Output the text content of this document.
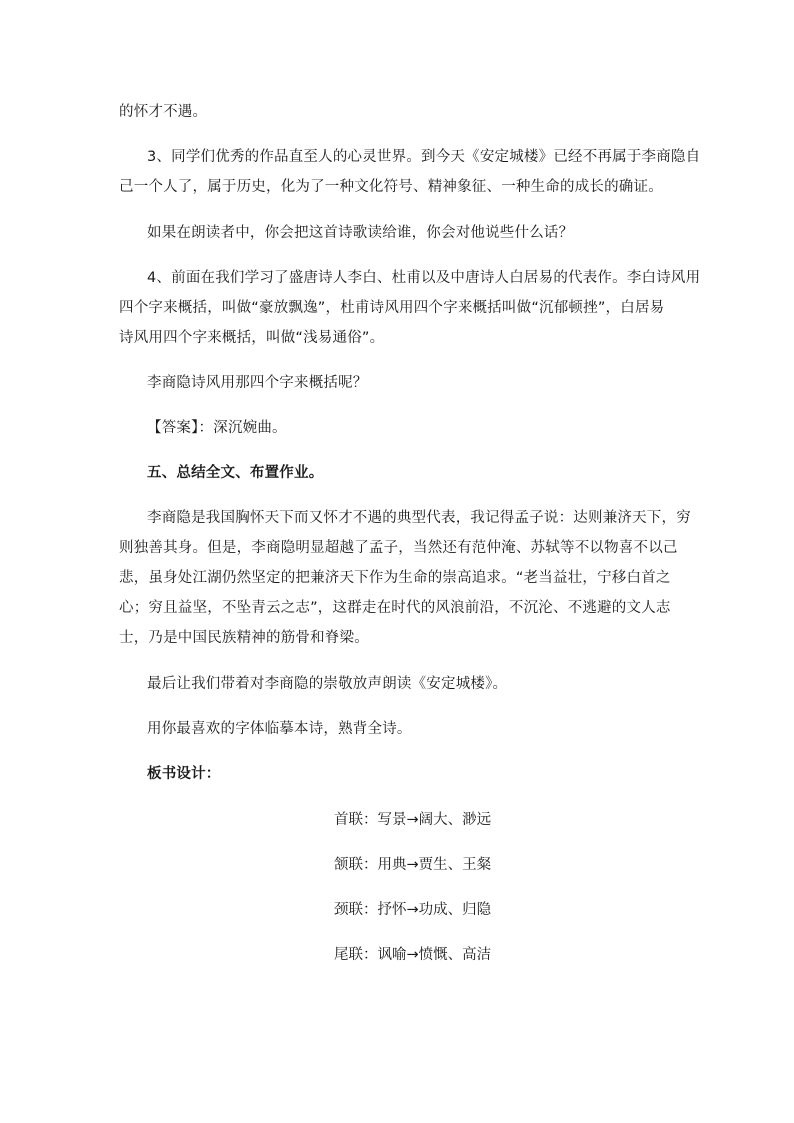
的怀才不遇。
3、同学们优秀的作品直至人的心灵世界。到今天《安定城楼》已经不再属于李商隐自
己一个人了，属于历史，化为了一种文化符号、精神象征、一种生命的成长的确证。
如果在朗读者中，你会把这首诗歌读给谁，你会对他说些什么话？
4、前面在我们学习了盛唐诗人李白、杜甫以及中唐诗人白居易的代表作。李白诗风用
四个字来概括，叫做“豪放飘逸”，杜甫诗风用四个字来概括叫做“沉郁顿挫”，白居易
诗风用四个字来概括，叫做“浅易通俗”。
李商隐诗风用那四个字来概括呢？
【答案】：深沉婉曲。
五、总结全文、布置作业。
李商隐是我国胸怀天下而又怀才不遇的典型代表，我记得孟子说：达则兼济天下，穷
则独善其身。但是，李商隐明显超越了孟子，当然还有范仲淹、苏轼等不以物喜不以己
悲，虽身处江湖仍然坚定的把兼济天下作为生命的崇高追求。“老当益壮，宁移白首之
心；穷且益坚，不坠青云之志”，这群走在时代的风浪前沿，不沉沦、不逃避的文人志
士，乃是中国民族精神的筋骨和脊梁。
最后让我们带着对李商隐的崇敬放声朗读《安定城楼》。
用你最喜欢的字体临摹本诗，熟背全诗。
板书设计：
首联：写景→阔大、渺远
颔联：用典→贾生、王粲
颈联：抒怀→功成、归隐
尾联：讽喻→愤慨、高洁
